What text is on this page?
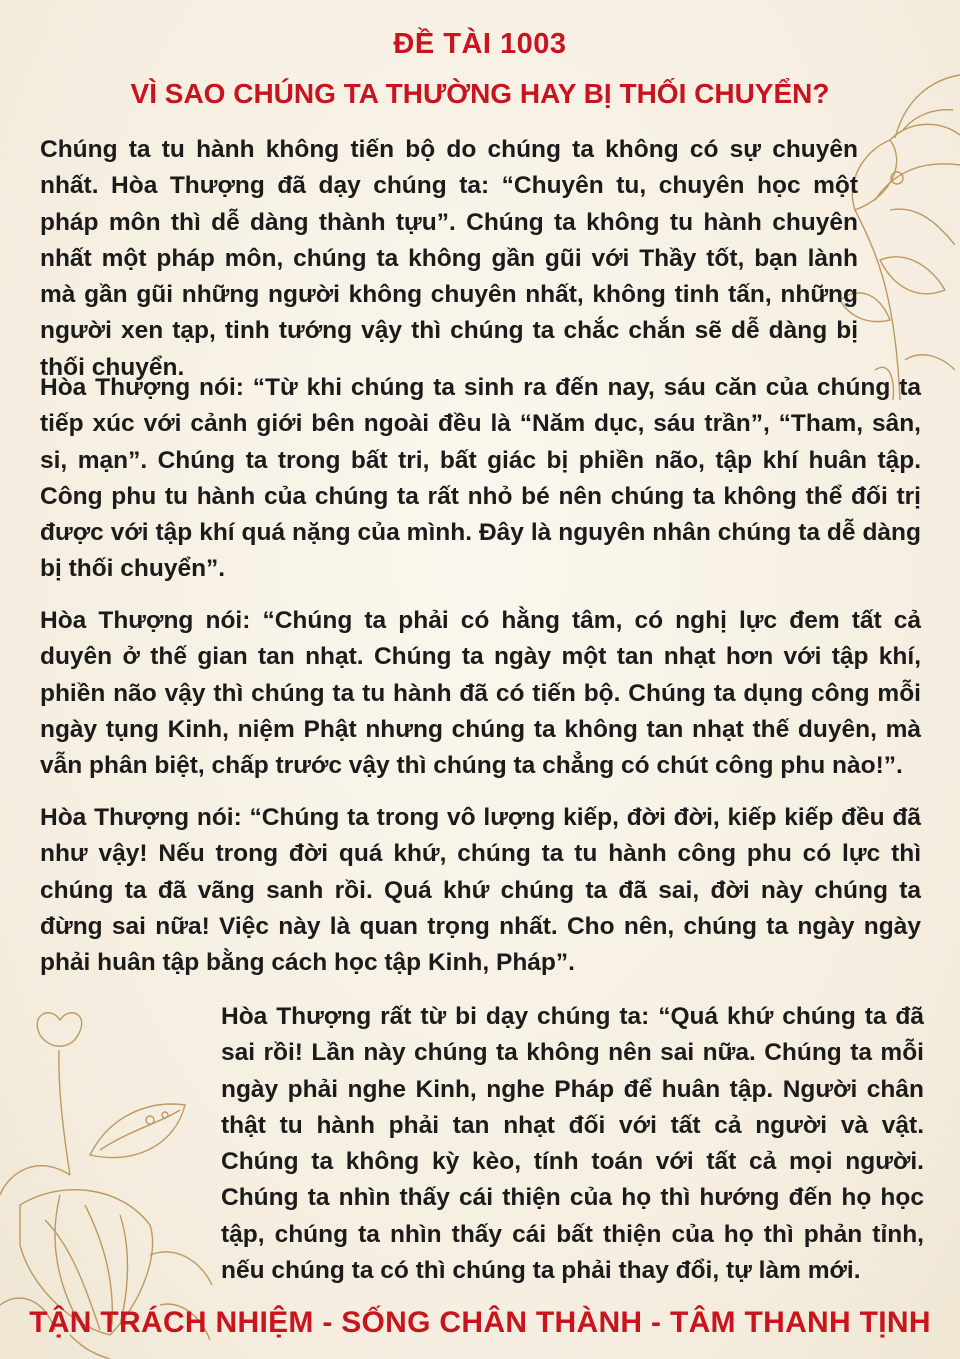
ĐỀ TÀI 1003
VÌ SAO CHÚNG TA THƯỜNG HAY BỊ THỐI CHUYỂN?

Chúng ta tu hành không tiến bộ do chúng ta không có sự chuyên nhất. Hòa Thượng đã dạy chúng ta: “Chuyên tu, chuyên học một pháp môn thì dễ dàng thành tựu”. Chúng ta không tu hành chuyên nhất một pháp môn, chúng ta không gần gũi với Thầy tốt, bạn lành mà gần gũi những người không chuyên nhất, không tinh tấn, những người xen tạp, tinh tướng vậy thì chúng ta chắc chắn sẽ dễ dàng bị thối chuyển.

Hòa Thượng nói: “Từ khi chúng ta sinh ra đến nay, sáu căn của chúng ta tiếp xúc với cảnh giới bên ngoài đều là “Năm dục, sáu trần”, “Tham, sân, si, mạn”. Chúng ta trong bất tri, bất giác bị phiền não, tập khí huân tập. Công phu tu hành của chúng ta rất nhỏ bé nên chúng ta không thể đối trị được với tập khí quá nặng của mình. Đây là nguyên nhân chúng ta dễ dàng bị thối chuyển”.

Hòa Thượng nói: “Chúng ta phải có hằng tâm, có nghị lực đem tất cả duyên ở thế gian tan nhạt. Chúng ta ngày một tan nhạt hơn với tập khí, phiền não vậy thì chúng ta tu hành đã có tiến bộ. Chúng ta dụng công mỗi ngày tụng Kinh, niệm Phật nhưng chúng ta không tan nhạt thế duyên, mà vẫn phân biệt, chấp trước vậy thì chúng ta chẳng có chút công phu nào!”.

Hòa Thượng nói: “Chúng ta trong vô lượng kiếp, đời đời, kiếp kiếp đều đã như vậy! Nếu trong đời quá khứ, chúng ta tu hành công phu có lực thì chúng ta đã vãng sanh rồi. Quá khứ chúng ta đã sai, đời này chúng ta đừng sai nữa! Việc này là quan trọng nhất. Cho nên, chúng ta ngày ngày phải huân tập bằng cách học tập Kinh, Pháp”.

Hòa Thượng rất từ bi dạy chúng ta: “Quá khứ chúng ta đã sai rồi! Lần này chúng ta không nên sai nữa. Chúng ta mỗi ngày phải nghe Kinh, nghe Pháp để huân tập. Người chân thật tu hành phải tan nhạt đối với tất cả người và vật. Chúng ta không kỳ kèo, tính toán với tất cả mọi người. Chúng ta nhìn thấy cái thiện của họ thì hướng đến họ học tập, chúng ta nhìn thấy cái bất thiện của họ thì phản tỉnh, nếu chúng ta có thì chúng ta phải thay đổi, tự làm mới.

TẬN TRÁCH NHIỆM - SỐNG CHÂN THÀNH - TÂM THANH TỊNH
